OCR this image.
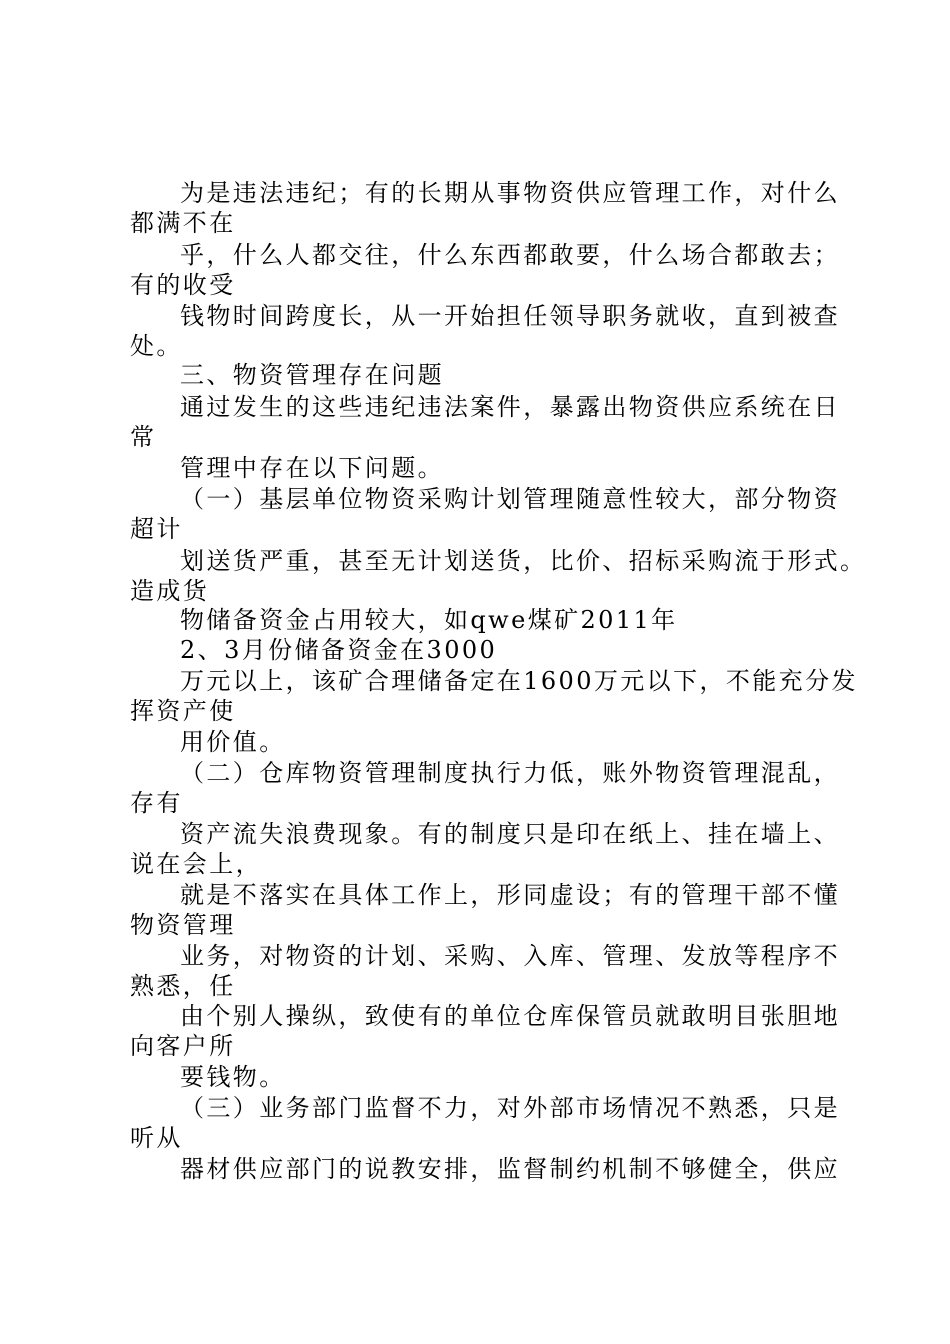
为是违法违纪；有的长期从事物资供应管理工作，对什么
都满不在
乎，什么人都交往，什么东西都敢要，什么场合都敢去；
有的收受
钱物时间跨度长，从一开始担任领导职务就收，直到被查
处。
三、物资管理存在问题
通过发生的这些违纪违法案件，暴露出物资供应系统在日
常
管理中存在以下问题。
（一）基层单位物资采购计划管理随意性较大，部分物资
超计
划送货严重，甚至无计划送货，比价、招标采购流于形式。
造成货
物储备资金占用较大，如qwe煤矿2011年
2、3月份储备资金在3000
万元以上，该矿合理储备定在1600万元以下，不能充分发
挥资产使
用价值。
（二）仓库物资管理制度执行力低，账外物资管理混乱，
存有
资产流失浪费现象。有的制度只是印在纸上、挂在墙上、
说在会上，
就是不落实在具体工作上，形同虚设；有的管理干部不懂
物资管理
业务，对物资的计划、采购、入库、管理、发放等程序不
熟悉，任
由个别人操纵，致使有的单位仓库保管员就敢明目张胆地
向客户所
要钱物。
（三）业务部门监督不力，对外部市场情况不熟悉，只是
听从
器材供应部门的说教安排，监督制约机制不够健全，供应
